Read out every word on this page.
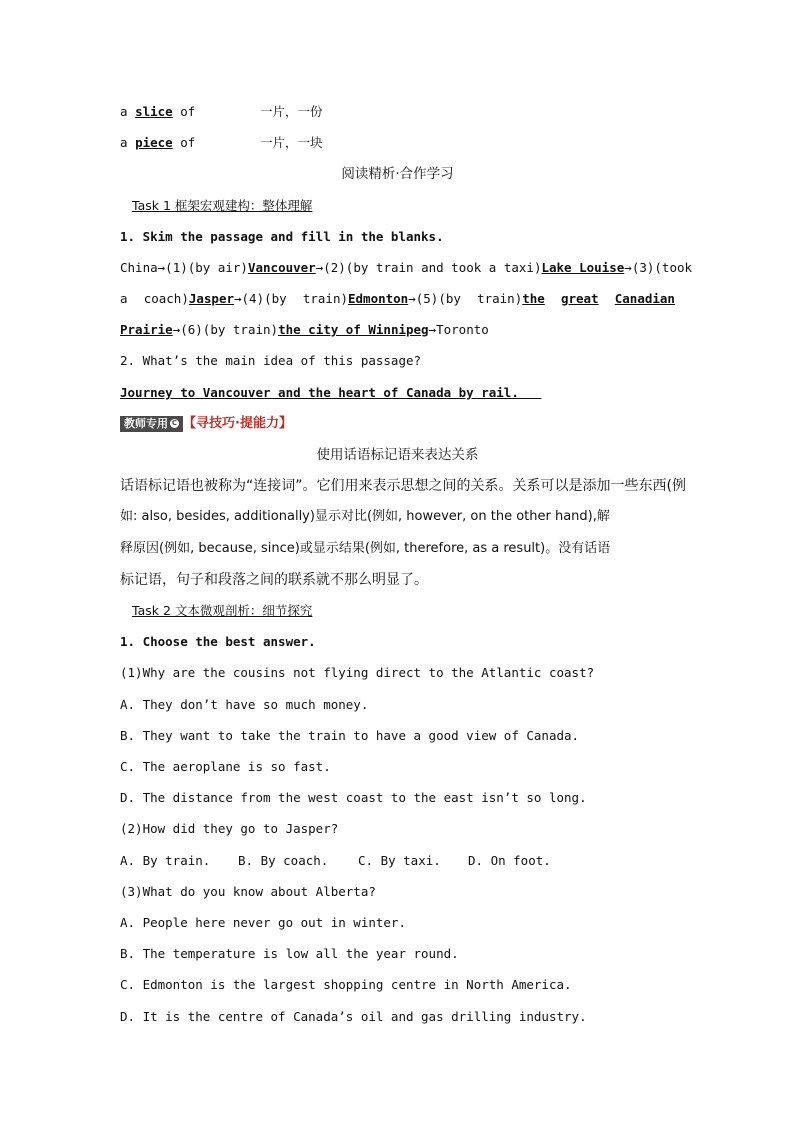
a slice of	一片，一份
a piece of	一片，一块
阅读精析·合作学习
Task 1 框架宏观建构：整体理解
1. Skim the passage and fill in the blanks.
China→(1)(by air)Vancouver→(2)(by train and took a taxi)Lake Louise→(3)(took
a coach)Jasper→(4)(by train)Edmonton→(5)(by train)the great Canadian
Prairie→(6)(by train)the city of Winnipeg→Toronto
2. What’s the main idea of this passage?
Journey to Vancouver and the heart of Canada by rail.
教师专用 C 【寻技巧·提能力】
使用话语标记语来表达关系
话语标记语也被称为“连接词”。它们用来表示思想之间的关系。关系可以是添加一些东西(例
如: also, besides, additionally)显示对比(例如, however, on the other hand),解
释原因(例如, because, since)或显示结果(例如, therefore, as a result)。没有话语
标记语，句子和段落之间的联系就不那么明显了。
Task 2 文本微观剖析：细节探究
1. Choose the best answer.
(1)Why are the cousins not flying direct to the Atlantic coast?
A. They don’t have so much money.
B. They want to take the train to have a good view of Canada.
C. The aeroplane is so fast.
D. The distance from the west coast to the east isn’t so long.
(2)How did they go to Jasper?
A. By train. B. By coach. C. By taxi. D. On foot.
(3)What do you know about Alberta?
A. People here never go out in winter.
B. The temperature is low all the year round.
C. Edmonton is the largest shopping centre in North America.
D. It is the centre of Canada’s oil and gas drilling industry.
